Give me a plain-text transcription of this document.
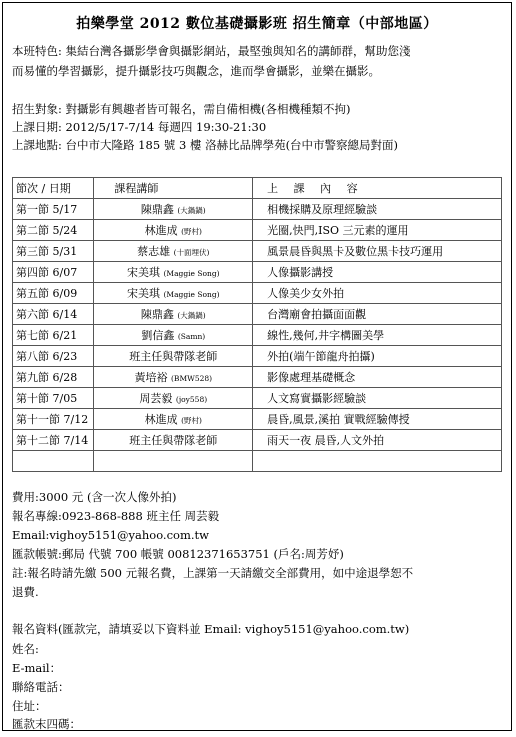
拍樂學堂 2012 數位基礎攝影班 招生簡章（中部地區）
本班特色: 集結台灣各攝影學會與攝影網站，最堅強與知名的講師群，幫助您淺
而易懂的學習攝影，提升攝影技巧與觀念，進而學會攝影，並樂在攝影。
招生對象: 對攝影有興趣者皆可報名，需自備相機(各相機種類不拘)
上課日期: 2012/5/17-7/14 每週四 19:30-21:30
上課地點: 台中市大隆路 185 號 3 樓 洛赫比品牌學苑(台中市警察總局對面)
節次 / 日期	課程講師	上 課 內 容
第一節 5/17	陳鼎鑫 (大鍋鍋)	相機採購及原理經驗談
第二節 5/24	林進成 (野村)	光圈,快門,ISO 三元素的運用
第三節 5/31	蔡志雄 (十面埋伏)	風景晨昏與黑卡及數位黑卡技巧運用
第四節 6/07	宋美琪 (Maggie Song)	人像攝影講授
第五節 6/09	宋美琪 (Maggie Song)	人像美少女外拍
第六節 6/14	陳鼎鑫 (大鍋鍋)	台灣廟會拍攝面面觀
第七節 6/21	劉信鑫 (Samn)	線性,幾何,井字構圖美學
第八節 6/23	班主任與帶隊老師	外拍(端午節龍舟拍攝)
第九節 6/28	黃培裕 (BMW528)	影像處理基礎概念
第十節 7/05	周芸毅 (joy558)	人文寫實攝影經驗談
第十一節 7/12	林進成 (野村)	晨昏,風景,溪拍 實戰經驗傳授
第十二節 7/14	班主任與帶隊老師	雨天一夜 晨昏,人文外拍

費用:3000 元 (含一次人像外拍)
報名專線:0923-868-888 班主任 周芸毅
Email:vighoy5151@yahoo.com.tw
匯款帳號:郵局 代號 700 帳號 00812371653751 (戶名:周芳妤)
註:報名時請先繳 500 元報名費，上課第一天請繳交全部費用，如中途退學恕不
退費.
報名資料(匯款完，請填妥以下資料並 Email: vighoy5151@yahoo.com.tw)
姓名:
E-mail：
聯絡電話：
住址：
匯款末四碼：
